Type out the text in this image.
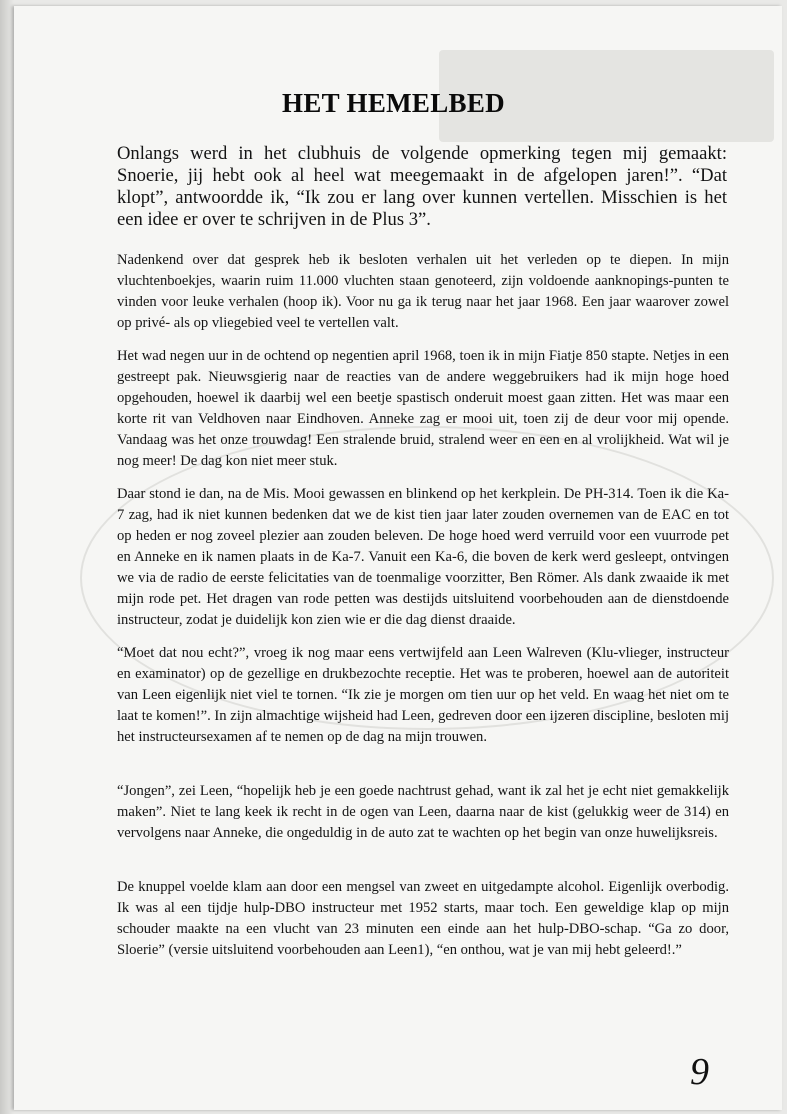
HET HEMELBED

Onlangs werd in het clubhuis de volgende opmerking tegen mij gemaakt: Snoerie, jij hebt ook al heel wat meegemaakt in de afgelopen jaren!”. “Dat klopt”, antwoordde ik, “Ik zou er lang over kunnen vertellen. Misschien is het een idee er over te schrijven in de Plus 3”.

Nadenkend over dat gesprek heb ik besloten verhalen uit het verleden op te diepen. In mijn vluchtenboekjes, waarin ruim 11.000 vluchten staan genoteerd, zijn voldoende aanknopings-punten te vinden voor leuke verhalen (hoop ik). Voor nu ga ik terug naar het jaar 1968. Een jaar waarover zowel op privé- als op vliegebied veel te vertellen valt.

Het wad negen uur in de ochtend op negentien april 1968, toen ik in mijn Fiatje 850 stapte. Netjes in een gestreept pak. Nieuwsgierig naar de reacties van de andere weggebruikers had ik mijn hoge hoed opgehouden, hoewel ik daarbij wel een beetje spastisch onderuit moest gaan zitten. Het was maar een korte rit van Veldhoven naar Eindhoven. Anneke zag er mooi uit, toen zij de deur voor mij opende. Vandaag was het onze trouwdag! Een stralende bruid, stralend weer en een en al vrolijkheid. Wat wil je nog meer! De dag kon niet meer stuk.

Daar stond ie dan, na de Mis. Mooi gewassen en blinkend op het kerkplein. De PH-314. Toen ik die Ka-7 zag, had ik niet kunnen bedenken dat we de kist tien jaar later zouden overnemen van de EAC en tot op heden er nog zoveel plezier aan zouden beleven. De hoge hoed werd verruild voor een vuurrode pet en Anneke en ik namen plaats in de Ka-7. Vanuit een Ka-6, die boven de kerk werd gesleept, ontvingen we via de radio de eerste felicitaties van de toenmalige voorzitter, Ben Römer. Als dank zwaaide ik met mijn rode pet. Het dragen van rode petten was destijds uitsluitend voorbehouden aan de dienstdoende instructeur, zodat je duidelijk kon zien wie er die dag dienst draaide.

“Moet dat nou echt?”, vroeg ik nog maar eens vertwijfeld aan Leen Walreven (Klu-vlieger, instructeur en examinator) op de gezellige en drukbezochte receptie. Het was te proberen, hoewel aan de autoriteit van Leen eigenlijk niet viel te tornen. “Ik zie je morgen om tien uur op het veld. En waag het niet om te laat te komen!”. In zijn almachtige wijsheid had Leen, gedreven door een ijzeren discipline, besloten mij het instructeursexamen af te nemen op de dag na mijn trouwen.

“Jongen”, zei Leen, “hopelijk heb je een goede nachtrust gehad, want ik zal het je echt niet gemakkelijk maken”. Niet te lang keek ik recht in de ogen van Leen, daarna naar de kist (gelukkig weer de 314) en vervolgens naar Anneke, die ongeduldig in de auto zat te wachten op het begin van onze huwelijksreis.

De knuppel voelde klam aan door een mengsel van zweet en uitgedampte alcohol. Eigenlijk overbodig. Ik was al een tijdje hulp-DBO instructeur met 1952 starts, maar toch. Een geweldige klap op mijn schouder maakte na een vlucht van 23 minuten een einde aan het hulp-DBO-schap. “Ga zo door, Sloerie” (versie uitsluitend voorbehouden aan Leen1), “en onthou, wat je van mij hebt geleerd!.”

9
